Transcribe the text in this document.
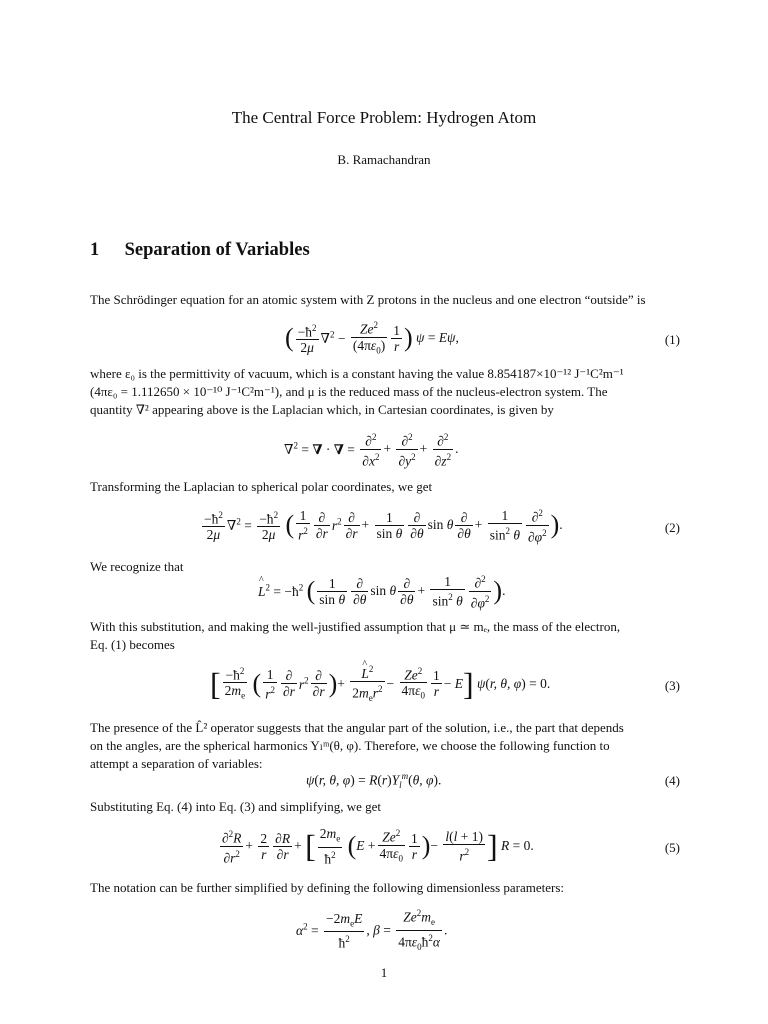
The Central Force Problem: Hydrogen Atom
B. Ramachandran
1 Separation of Variables
The Schrödinger equation for an atomic system with Z protons in the nucleus and one electron “outside” is
( $\frac{-ħ^2}{2\mu} \nabla^2 - \frac{Ze^2}{(4\pi\varepsilon_0)} \frac{1}{r}$ ) ψ = Eψ,	(1)
where ε₀ is the permittivity of vacuum, which is a constant having the value 8.854187×10⁻¹² J⁻¹C²m⁻¹
(4πε₀ = 1.112650 × 10⁻¹⁰ J⁻¹C²m⁻¹), and μ is the reduced mass of the nucleus-electron system. The
quantity ∇² appearing above is the Laplacian which, in Cartesian coordinates, is given by
∇$^2$ = ∇ · ∇ = $\frac{\partial^2}{\partial x^2} + \frac{\partial^2}{\partial y^2} + \frac{\partial^2}{\partial z^2}$ .
Transforming the Laplacian to spherical polar coordinates, we get
$\frac{-ħ^2}{2\mu} \nabla^2 = \frac{-ħ^2}{2\mu}$ ( $\frac{1}{r^2} \frac{\partial}{\partial r} r^2 \frac{\partial}{\partial r} + \frac{1}{\text{sin θ}} \frac{\partial}{\partial\theta}$ sin θ $\frac{\partial}{\partial\theta} + \frac{1}{\sin^2 \theta} \frac{\partial^2}{\partial\varphi^2}$ ).	(2)
We recognize that
^ $L^2$ = $-ħ^2$ ( $\frac{1}{\text{sin θ}} \frac{\partial}{\partial\theta}$ sin θ $\frac{\partial}{\partial\theta} + \frac{1}{\sin^2 \theta} \frac{\partial^2}{\partial\varphi^2}$ ).
With this substitution, and making the well-justified assumption that μ ≃ mₑ, the mass of the electron,
Eq. (1) becomes
[ $\frac{-ħ^2}{2m_e}$ ( $\frac{1}{r^2} \frac{\partial}{\partial r} r^2 \frac{\partial}{\partial r}$ )+
^ $\frac{L^2}{2m_er^2} - \frac{Ze^2}{4\pi\varepsilon_0} \frac{1}{r} - E$] ψ(r, θ, φ) = 0.	(3)
The presence of the L̂² operator suggests that the angular part of the solution, i.e., the part that depends
on the angles, are the spherical harmonics Yₗᵐ(θ, φ). Therefore, we choose the following function to
attempt a separation of variables:
ψ(r, θ, $\varphi) = R(r)Y_l^m(\theta$, φ).	(4)
Substituting Eq. (4) into Eq. (3) and simplifying, we get
$\frac{\partial^2R}{\partial r^2} + \frac{2}{r} \frac{\partial R}{\partial r}$ + [ $\frac{2m_e}{ħ^2} (E + \frac{Ze^2}{4\pi\varepsilon_0} \frac{1}{r}$ )− $\frac{l(l + 1)}{r^2}$ ] R = 0.	(5)
The notation can be further simplified by defining the following dimensionless parameters:
$\alpha^2 = \frac{-2m_eE}{ħ^2}$ , $\beta = \frac{Ze^2m_e}{4\pi\varepsilon_0ħ^2\alpha}$ .
1
